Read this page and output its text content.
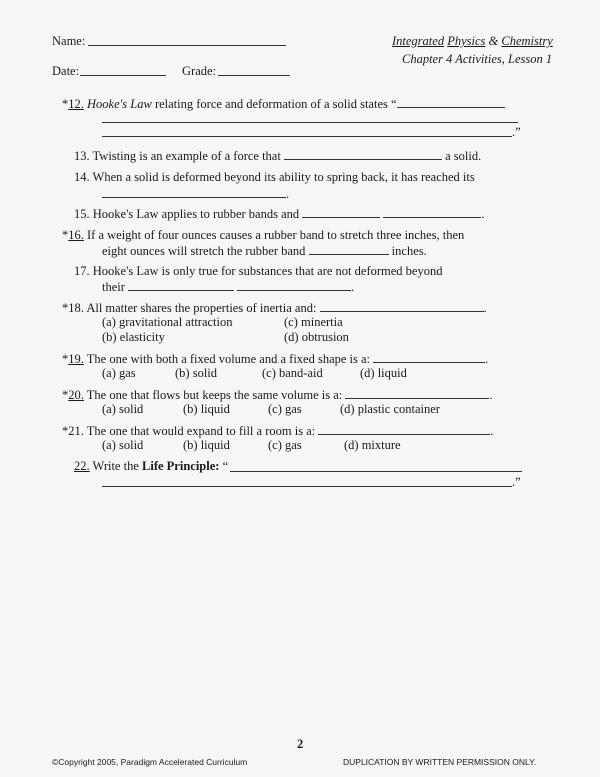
Name:
Date:	Grade:
Integrated Physics & Chemistry
Chapter 4 Activities, Lesson 1
*12. Hooke's Law relating force and deformation of a solid states “
.”
13. Twisting is an example of a force that	a solid.
14. When a solid is deformed beyond its ability to spring back, it has reached its
.
15. Hooke's Law applies to rubber bands and	.
*16. If a weight of four ounces causes a rubber band to stretch three inches, then
eight ounces will stretch the rubber band	inches.
17. Hooke's Law is only true for substances that are not deformed beyond
their	.
*18. All matter shares the properties of inertia and:	.
(a) gravitational attraction	(c) minertia
(b) elasticity	(d) obtrusion
*19. The one with both a fixed volume and a fixed shape is a:	.
(a) gas	(b) solid	(c) band-aid	(d) liquid
*20. The one that flows but keeps the same volume is a:	.
(a) solid	(b) liquid	(c) gas	(d) plastic container
*21. The one that would expand to fill a room is a:	.
(a) solid	(b) liquid	(c) gas	(d) mixture
22. Write the Life Principle: “
.”
2
©Copyright 2005, Paradigm Accelerated Curriculum	DUPLICATION BY WRITTEN PERMISSION ONLY.
